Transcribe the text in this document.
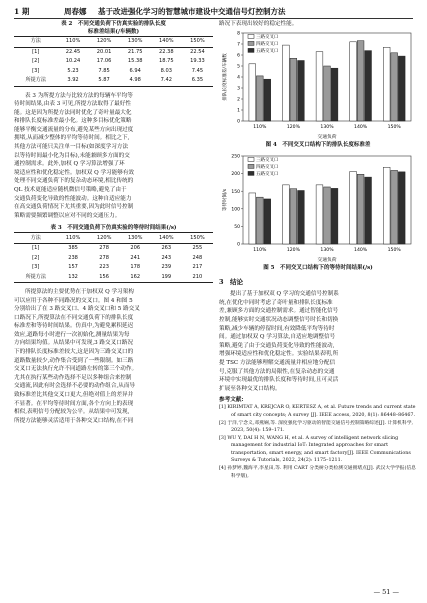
1 期	周春娜 基于改进强化学习的智慧城市建设中交通信号灯控制方法

表 2　不同交通负荷下仿真实验的排队长度

标准差结果(/车辆数)

方法	110%	120%	130%	140%	150%
[1]	22.45	20.01	21.75	22.38	22.54
[2]	10.24	17.06	15.38	18.75	19.33
[3]	5.23	7.85	6.94	8.03	7.45
所提方法	3.92	5.87	4.98	7.42	6.35
表 3 为所提方法与比较方法的每辆车平均等
待时间结果,由表 3 可见,所提方法取得了最好性
能。这是因为所提方法同时优化了奇叶量最大化
和排队长度标准差最小化。这种多目标优化策略
能够平衡交通流量的分布,避免某些方向出现过度
拥堵,从而减少整体的平均等待时间。相比之下,
其他方法可能只关注单一目标(如深度学习方法
以等待时间最小化为目标),未能兼顾多方面的交
通控制需求。此外,加权 Q 学习算法增强了环
境适应性和优化稳定性。加权双 Q 学习能够有效
处理不同交通负荷下的复杂动态环境,相比传统的
QL 技术更能适应随机微信号策略,避免了由于
交通负荷变化导致的性能波动。这种自适应能力
在高交通负荷情况下尤其重要,因为此时信号控制
策略需要频繁调整以应对不同的交通压力。

表 3　不同交通负荷下仿真实验的等待时间结果(/s)

方法	110%	120%	130%	140%	150%
[1]	385	278	206	263	255
[2]	238	278	241	243	248
[3]	157	223	178	239	217
所提方法	132	156	162	199	210
所提算法的主要优势在于加权双 Q 学习架构
可以应用于各种不同路况的交叉口。图 4 和图 5
分别给出了在 3 路交叉口、4 路交叉口和 5 路交叉
口路况下,所提算法在不同交通负荷下的排队长度
标准差和等待时间结果。仿真中,为避免累积延迟
效应,道路每小时进行一次初始化,测量结果为每
方向结果均值。从结果中可发现,3 路交叉口路况
下的排队长度标准差较大,这是因为三路交叉口的
道路数量较少,动作集合受到了一些限制。如三路
交叉口无法执行允许不同道路左转的第三个动作。
尤其在执行某些动作选择不足以多种组合来控制
交通流,因此有时会选择不必要的动作组合,从而导
致标准差比其他交叉口更大,但绝对值上的差异并
不显著。在平均等待时间方面,各个方向上的表现
相似,表明信号分配较为公平。从结果中可发现,
所提方法能够灵活适用于各种交叉口结构,在不同
路况下表现出较好的稳定性能。
0
1
2
3
4
5
6
7
8
排队长度标准差/车辆数
110%	120%	130%	140%	150%
交通负荷
三路交叉口
四路交叉口
五路交叉口

图 4　不同交叉口结构下的排队长度标准差

0
50
100
150
200
250
等待时间/s
110%	120%	130%	140%	150%
交通负荷
三路交叉口
四路交叉口
五路交叉口

图 5　不同交叉口结构下的等待时间结果(/s)

3　结论
提出了基于加权双 Q 学习的交通信号控制系
统,在优化中同时考虑了奇叶量和排队长度标准
差,兼顾多方面的交通控制需求。通过智能化信号
控制,能够实时交通状况动态调整信号时长和切换
策略,减少车辆的停留时间,有效降低平均等待时
间。通过加权双 Q 学习算法,自适应地调整信号
策略,避免了由于交通负荷变化导致的性能波动,
增强环境适应性和优化稳定性。实验结果表明,所
提 TSC 方法能够理解交通流量并相应地分配信
号,克服了其他方法的局限性,在复杂动态的交通
环境中实现最优的排队长度和等待时间,且可灵活
扩展至各种交叉口结构。
参考文献:

[1] KIRIMTAT A, KREJCAR O, KERTESZ A, et al. Future trends and current state of smart city concepts; A survey [J]. IEEE access, 2020, 8(1): 86448–86467.

[2] 于洋,宁念义,邓燕娴,等. 深度强化学习驱动的智能交通信号控制策略综述[J]. 计算机科学, 2023, 50(4): 159–171.

[3] WU Y, DAI H N, WANG H, et al. A survey of intelligent network slicing management for industrial IoT: Integrated approaches for smart transportation, smart energy, and smart factory[J]. IEEE Communications Surveys & Tutorials, 2022, 24(2): 1175–1211.

[4] 孙梦婷,魏海平,李星田,等. 利用 CART 分类树分类检测交通拥堵点[J]. 武汉大学学报(信息科学版),

— 51 —
